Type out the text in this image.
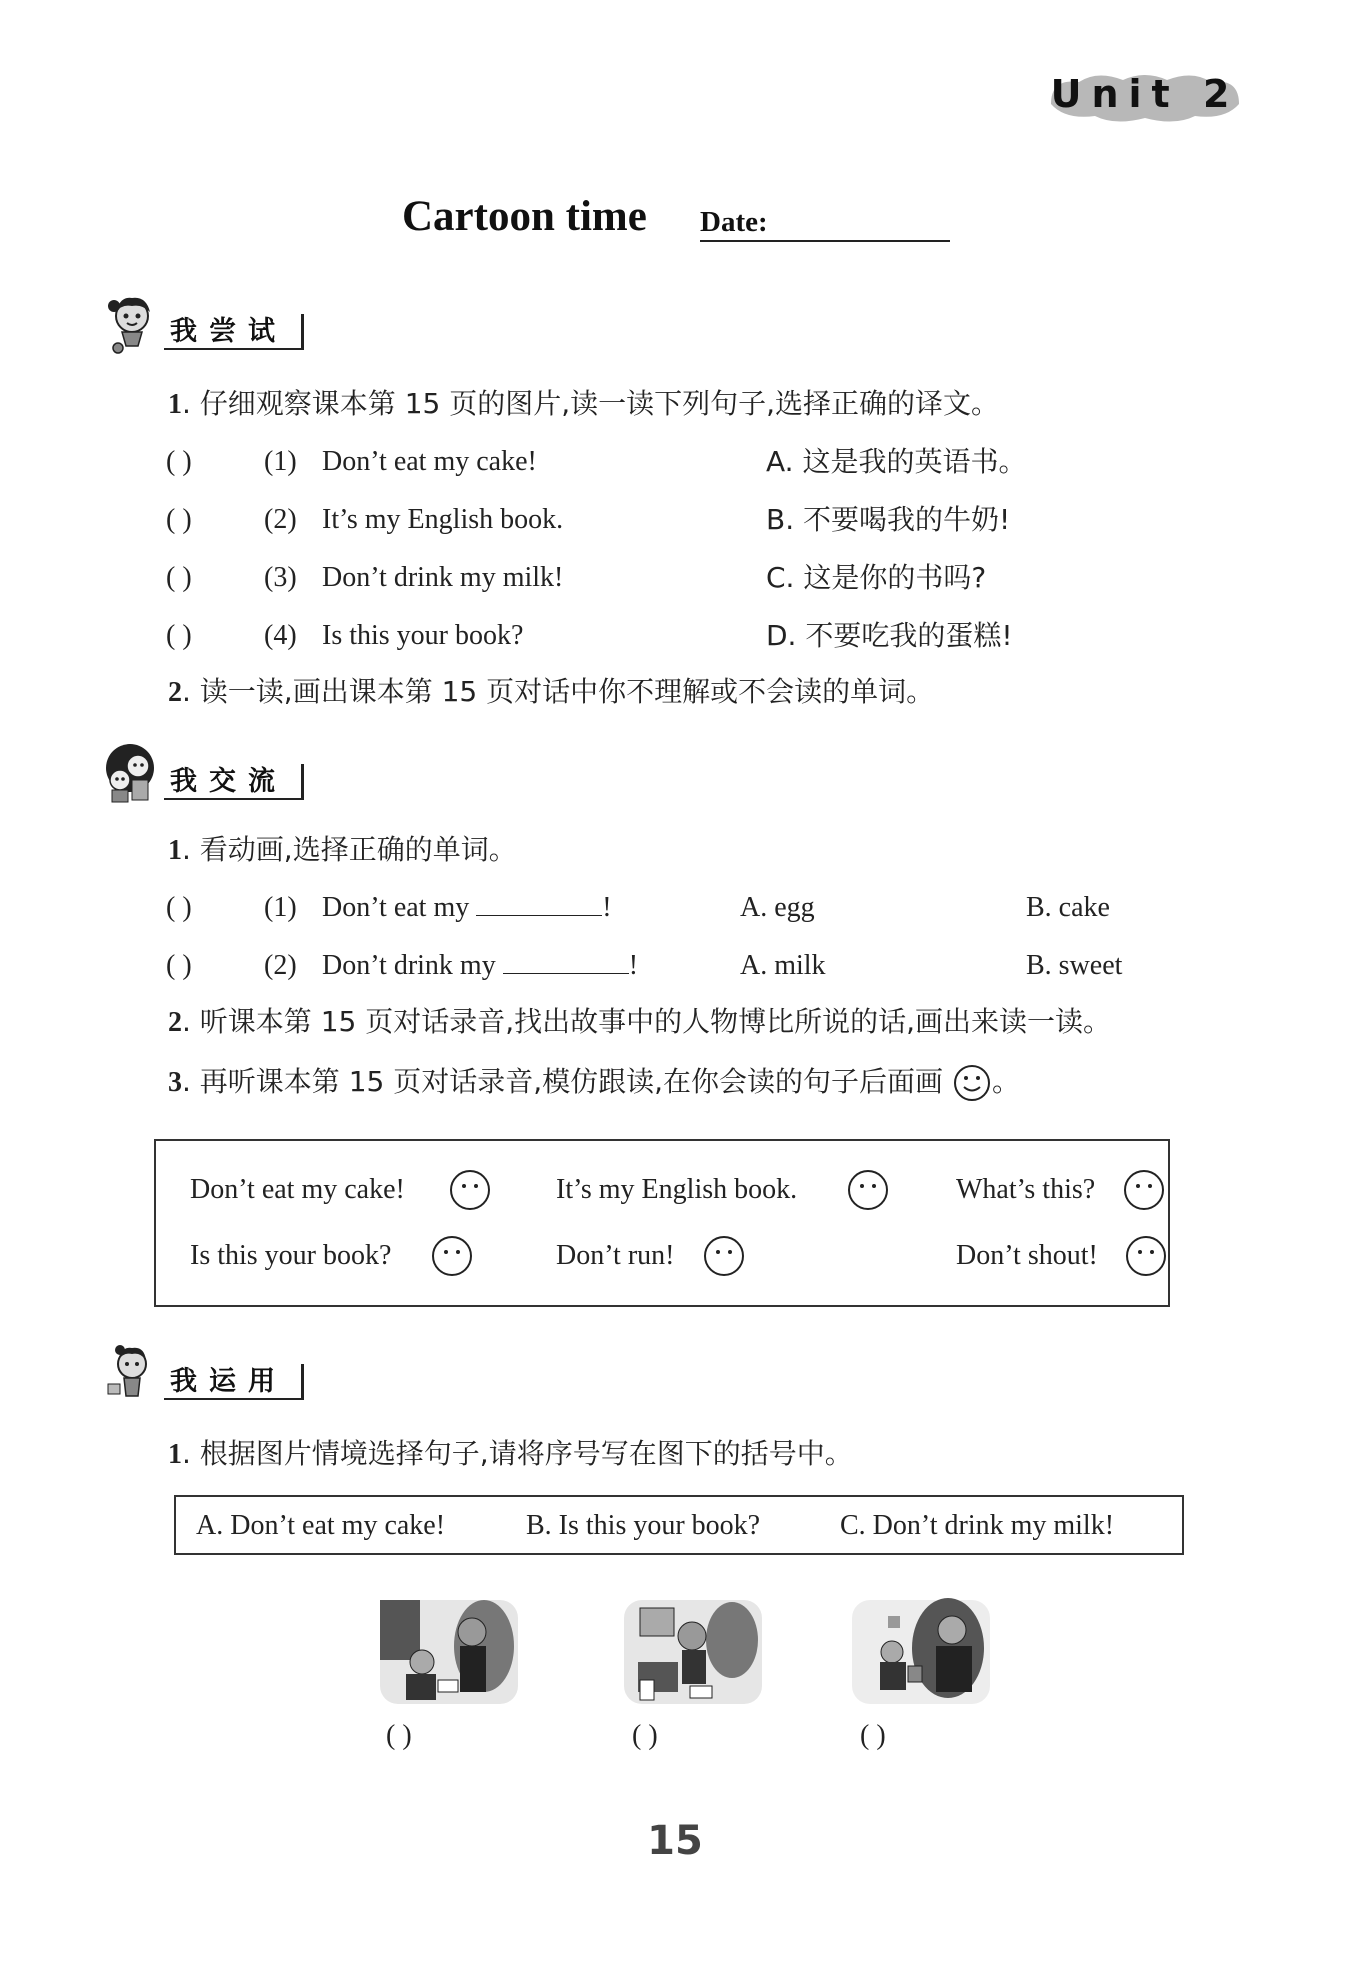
Unit 2
Cartoon time Date:
我尝试
1. 仔细观察课本第 15 页的图片,读一读下列句子,选择正确的译文。
( )	(1) Don’t eat my cake!	A. 这是我的英语书。
( )	(2) It’s my English book.	B. 不要喝我的牛奶!
( )	(3) Don’t drink my milk!	C. 这是你的书吗?
( )	(4) Is this your book?	D. 不要吃我的蛋糕!
2. 读一读,画出课本第 15 页对话中你不理解或不会读的单词。
我交流
1. 看动画,选择正确的单词。
( )	(1) Don’t eat my	!	A. egg	B. cake
( )	(2) Don’t drink my	!	A. milk	B. sweet
2. 听课本第 15 页对话录音,找出故事中的人物博比所说的话,画出来读一读。
3. 再听课本第 15 页对话录音,模仿跟读,在你会读的句子后面画 。
Don’t eat my cake!	It’s my English book.	What’s this?
Is this your book?	Don’t run!	Don’t shout!
我运用
1. 根据图片情境选择句子,请将序号写在图下的括号中。
A. Don’t eat my cake!	B. Is this your book?	C. Don’t drink my milk!
( )	( )	( )
15
